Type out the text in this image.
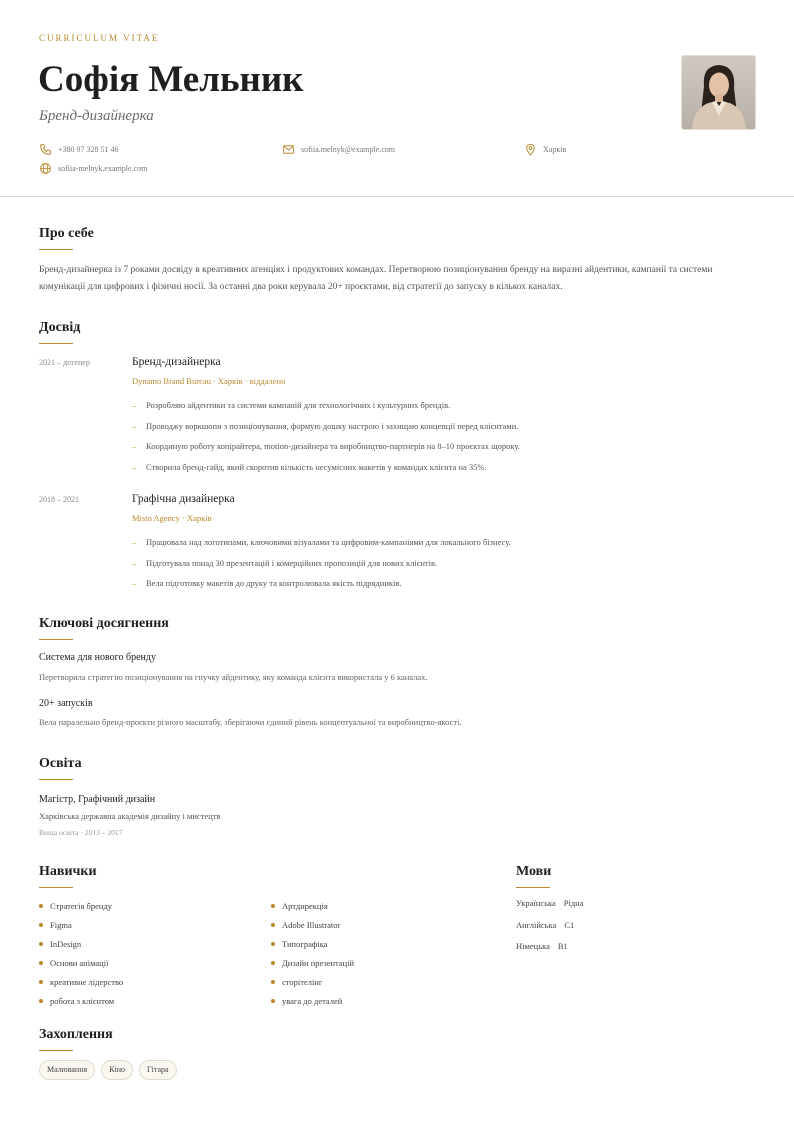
CURRICULUM VITAE
Софія Мельник
Бренд-дизайнерка
+380 97 328 51 46	sofiia.melnyk@example.com	Харків
sofiia-melnyk.example.com
Про себе

Бренд-дизайнерка із 7 роками досвіду в креативних агенціях і продуктових командах. Перетворюю позиціонування бренду на виразні айдентики, кампанії та системи комунікації для цифрових і фізичні носії. За останні два роки керувала 20+ проєктами, від стратегії до запуску в кількох каналах.

Досвід
2021 – дотепер	Бренд-дизайнерка
Dynamo Brand Bureau · Харків · віддалено
–	Розробляю айдентики та системи кампаній для технологічних і культурних брендів.
–	Проводжу воркшопи з позиціонування, формую дошку настрою і захищаю концепції перед клієнтами.
–	Координую роботу копірайтера, motion-дизайнера та виробництво-партнерів на 8–10 проєктах щороку.
–	Створила бренд-гайд, який скоротив кількість несумісних макетів у командах клієнта на 35%.
2018 – 2021	Графічна дизайнерка
Misto Agency · Харків
–	Працювала над логотипами, ключовими візуалами та цифровим-кампаніями для локального бізнесу.
–	Підготувала понад 30 презентацій і комерційних пропозицій для нових клієнтів.
–	Вела підготовку макетів до друку та контролювала якість підрядників.
Ключові досягнення
Система для нового бренду
Перетворила стратегію позиціонування на гнучку айдентику, яку команда клієнта використала у 6 каналах.
20+ запусків
Вела паралельно бренд-проєкти різного масштабу, зберігаючи єдиний рівень концептуальної та виробництво-якості.
Освіта
Магістр, Графічний дизайн
Харківська державна академія дизайну і мистецтв
Вища освіта · 2013 – 2017
Навички
Стратегія бренду
Figma
InDesign
Основи анімації
креативне лідерство
робота з клієнтом
Артдирекція
Adobe Illustrator
Типографіка
Дизайн презентацій
сторітелінг
увага до деталей
Мови
Українська Рідна
Англійська C1
Німецька B1
Захоплення
Малювання	Кіно	Гітара
